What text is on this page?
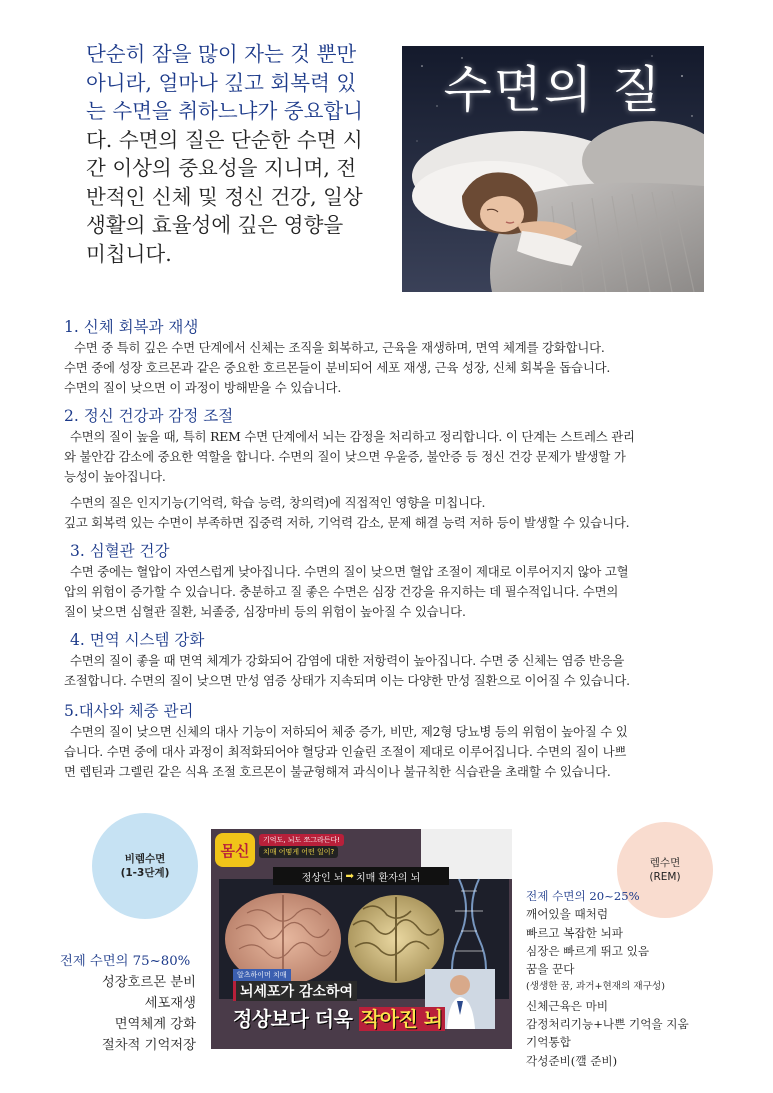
단순히 잠을 많이 자는 것 뿐만
아니라, 얼마나 깊고 회복력 있
는 수면을 취하느냐가 중요합니
다. 수면의 질은 단순한 수면 시
간 이상의 중요성을 지니며, 전
반적인 신체 및 정신 건강, 일상
생활의 효율성에 깊은 영향을
미칩니다.
수면의 질
1. 신체 회복과 재생

수면 중 특히 깊은 수면 단계에서 신체는 조직을 회복하고, 근육을 재생하며, 면역 체계를 강화합니다.
수면 중에 성장 호르몬과 같은 중요한 호르몬들이 분비되어 세포 재생, 근육 성장, 신체 회복을 돕습니다.
수면의 질이 낮으면 이 과정이 방해받을 수 있습니다.

2. 정신 건강과 감정 조절

수면의 질이 높을 때, 특히 REM 수면 단계에서 뇌는 감정을 처리하고 정리합니다. 이 단계는 스트레스 관리
와 불안감 감소에 중요한 역할을 합니다. 수면의 질이 낮으면 우울증, 불안증 등 정신 건강 문제가 발생할 가
능성이 높아집니다.

수면의 질은 인지기능(기억력, 학습 능력, 창의력)에 직접적인 영향을 미칩니다.
깊고 회복력 있는 수면이 부족하면 집중력 저하, 기억력 감소, 문제 해결 능력 저하 등이 발생할 수 있습니다.

3. 심혈관 건강

수면 중에는 혈압이 자연스럽게 낮아집니다. 수면의 질이 낮으면 혈압 조절이 제대로 이루어지지 않아 고혈
압의 위험이 증가할 수 있습니다. 충분하고 질 좋은 수면은 심장 건강을 유지하는 데 필수적입니다. 수면의
질이 낮으면 심혈관 질환, 뇌졸중, 심장마비 등의 위험이 높아질 수 있습니다.

4. 면역 시스템 강화

수면의 질이 좋을 때 면역 체계가 강화되어 감염에 대한 저항력이 높아집니다. 수면 중 신체는 염증 반응을
조절합니다. 수면의 질이 낮으면 만성 염증 상태가 지속되며 이는 다양한 만성 질환으로 이어질 수 있습니다.

5.대사와 체중 관리

수면의 질이 낮으면 신체의 대사 기능이 저하되어 체중 증가, 비만, 제2형 당뇨병 등의 위험이 높아질 수 있
습니다. 수면 중에 대사 과정이 최적화되어야 혈당과 인슐린 조절이 제대로 이루어집니다. 수면의 질이 나쁘
면 렙틴과 그렐린 같은 식욕 조절 호르몬이 불균형해져 과식이나 불규칙한 식습관을 초래할 수 있습니다.

비렘수면
(1-3단계)
전제 수면의 75~80%
성장호르몬 분비
세포재생
면역체계 강화
절차적 기억저장
몸신
기억도, 뇌도 쪼그라든다!
치매 어떻게 어떤 일이?
정상인 뇌 ➡ 치매 환자의 뇌
알츠하이머 치매
뇌세포가 감소하여
정상보다 더욱 작아진 뇌
렘수면
(REM)
전제 수면의 20~25%
깨어있을 때처럼
빠르고 복잡한 뇌파
심장은 빠르게 뛰고 있음
꿈을 꾼다
(생생한 꿈, 과거+현재의 재구성)
신체근육은 마비
감정처리기능+나쁜 기억을 지움
기억통합
각성준비(깰 준비)
